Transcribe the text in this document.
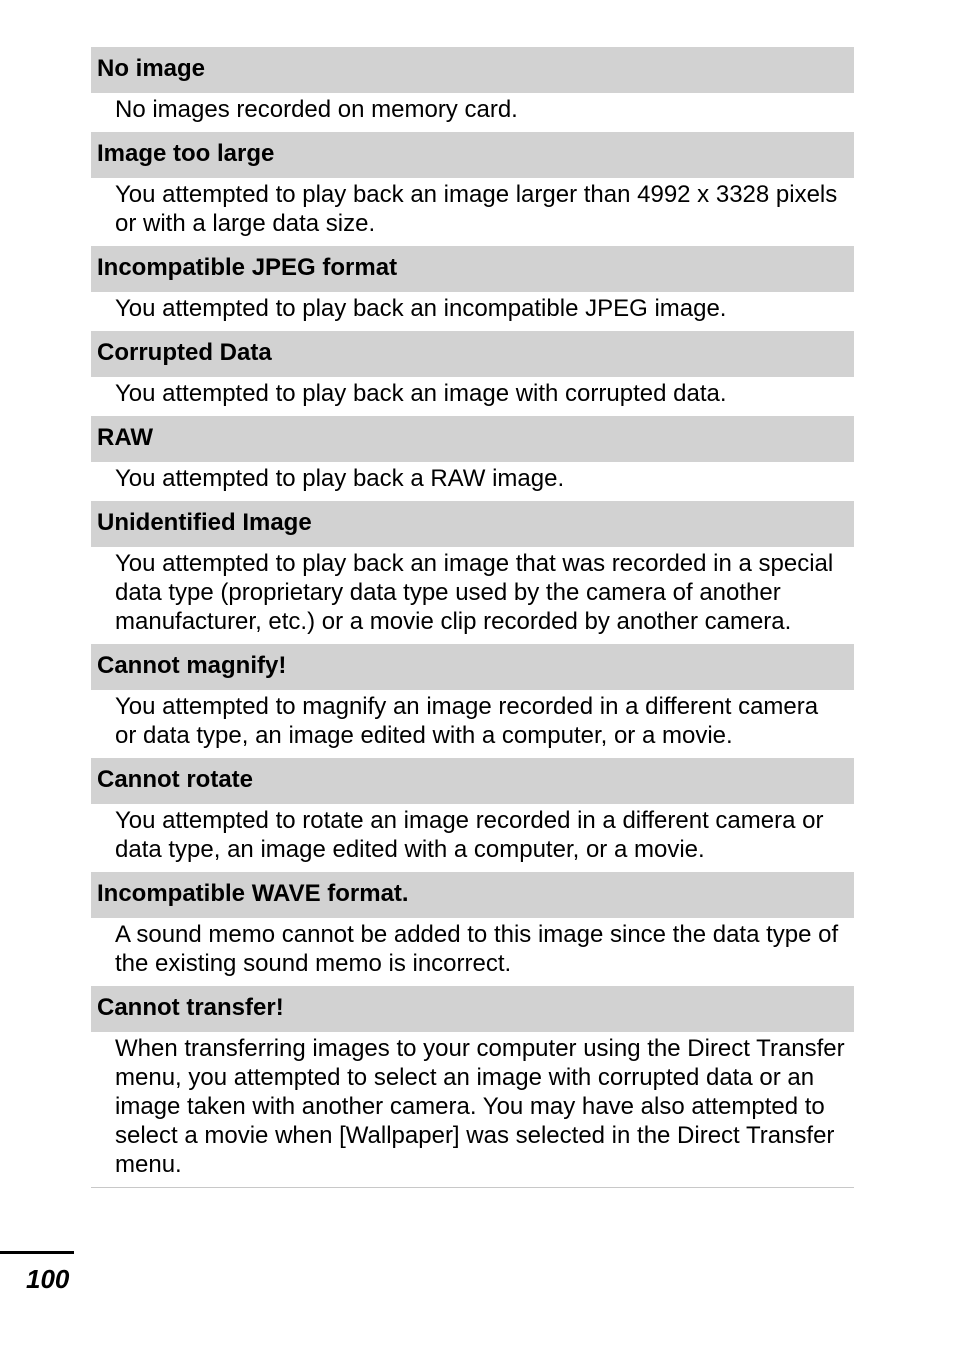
No image
No images recorded on memory card.
Image too large
You attempted to play back an image larger than 4992 x 3328 pixels or with a large data size.
Incompatible JPEG format
You attempted to play back an incompatible JPEG image.
Corrupted Data
You attempted to play back an image with corrupted data.
RAW
You attempted to play back a RAW image.
Unidentified Image
You attempted to play back an image that was recorded in a special data type (proprietary data type used by the camera of another manufacturer, etc.) or a movie clip recorded by another camera.
Cannot magnify!
You attempted to magnify an image recorded in a different camera or data type, an image edited with a computer, or a movie.
Cannot rotate
You attempted to rotate an image recorded in a different camera or data type, an image edited with a computer, or a movie.
Incompatible WAVE format.
A sound memo cannot be added to this image since the data type of the existing sound memo is incorrect.
Cannot transfer!
When transferring images to your computer using the Direct Transfer menu, you attempted to select an image with corrupted data or an image taken with another camera. You may have also attempted to select a movie when [Wallpaper] was selected in the Direct Transfer menu.
100
